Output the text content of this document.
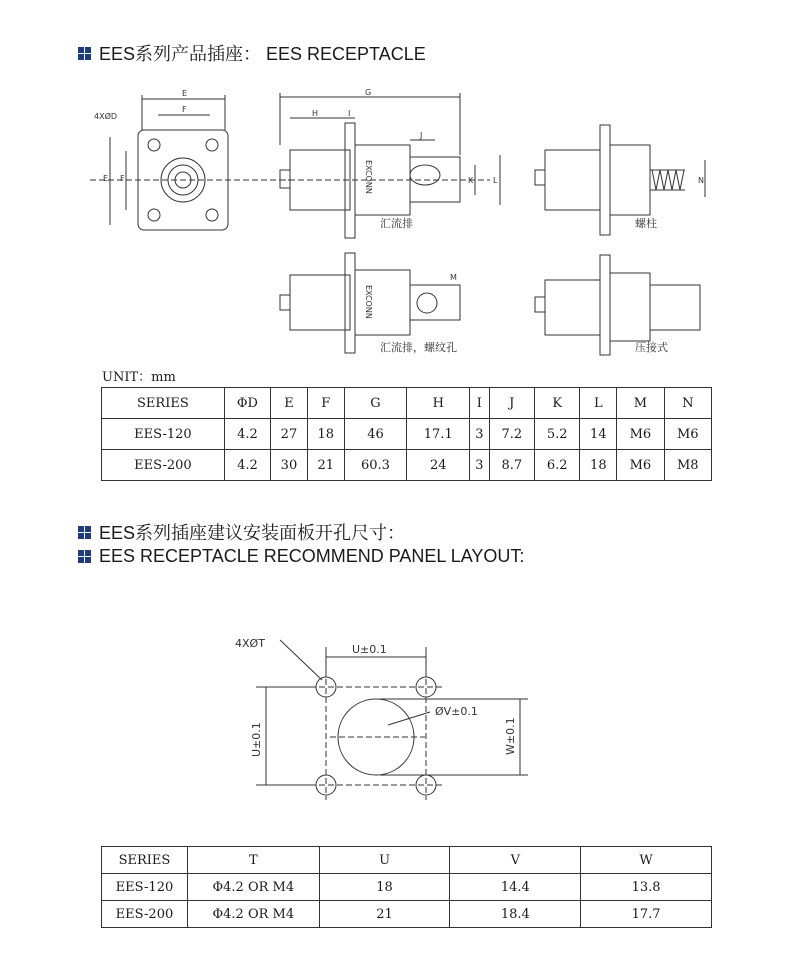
EES系列产品插座： EES RECEPTACLE
4XØD
E
F
E F
G
H	I
J
K L	N
M
EXCONN
EXCONN
汇流排	螺柱
汇流排，螺纹孔	压接式
UNIT：mm
SERIES	ΦD	E	F	G	H	I	J	K	L	M	N
EES-120	4.2	27	18	46	17.1	3	7.2	5.2	14	M6	M6
EES-200	4.2	30	21	60.3	24	3	8.7	6.2	18	M6	M8
EES系列插座建议安装面板开孔尺寸：
EES RECEPTACLE RECOMMEND PANEL LAYOUT:
4XØT	U±0.1
ØV±0.1
U±0.1	W±0.1
SERIES	T	U	V	W
EES-120	Φ4.2 OR M4	18	14.4	13.8
EES-200	Φ4.2 OR M4	21	18.4	17.7
